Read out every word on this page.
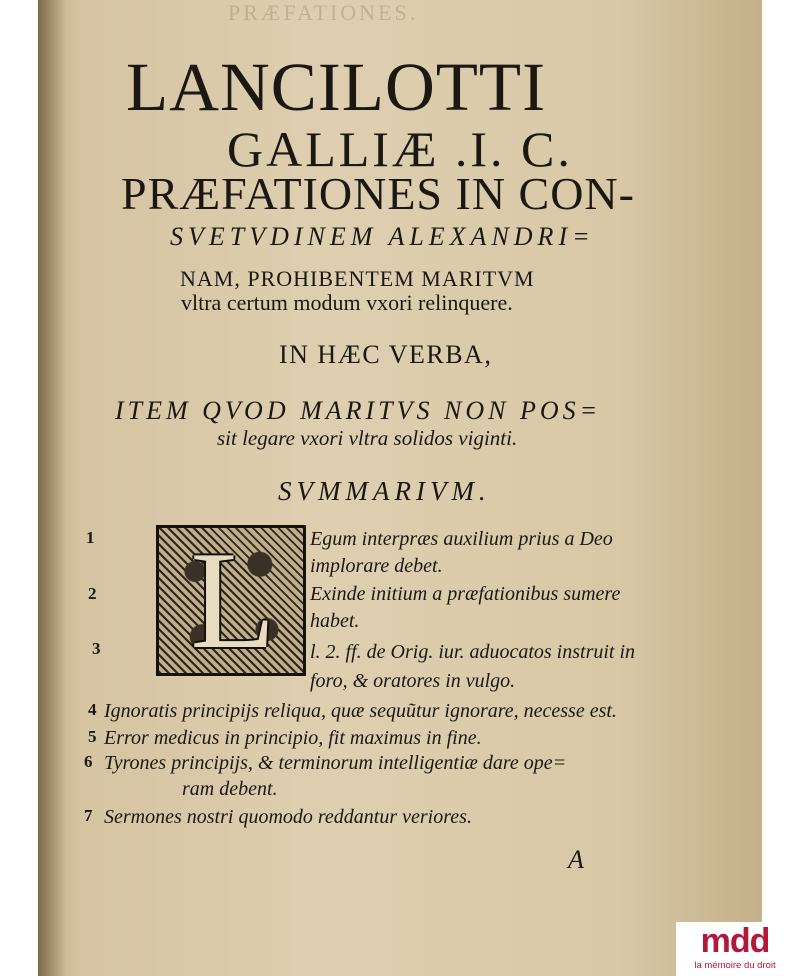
PRÆFATIONES.
LANCILOTTI
GALLIÆ .I. C.
PRÆFATIONES IN CON-
SVETVDINEM ALEXANDRI=
NAM, PROHIBENTEM MARITVM
vltra certum modum vxori relinquere.
IN HÆC VERBA,
ITEM QVOD MARITVS NON POS=
sit legare vxori vltra solidos viginti.
SVMMARIVM.
L
1	Egum interpræs auxilium prius a Deo
implorare debet.
2	Exinde initium a præfationibus sumere
habet.
3	l. 2. ff. de Orig. iur. aduocatos instruit in
foro, & oratores in vulgo.
4 Ignoratis principijs reliqua, quæ sequũtur ignorare, necesse est.
5 Error medicus in principio, fit maximus in fine.
6 Tyrones principijs, & terminorum intelligentiæ dare ope=
ram debent.
7 Sermones nostri quomodo reddantur veriores.
A
mdd
la mémoire du droit
